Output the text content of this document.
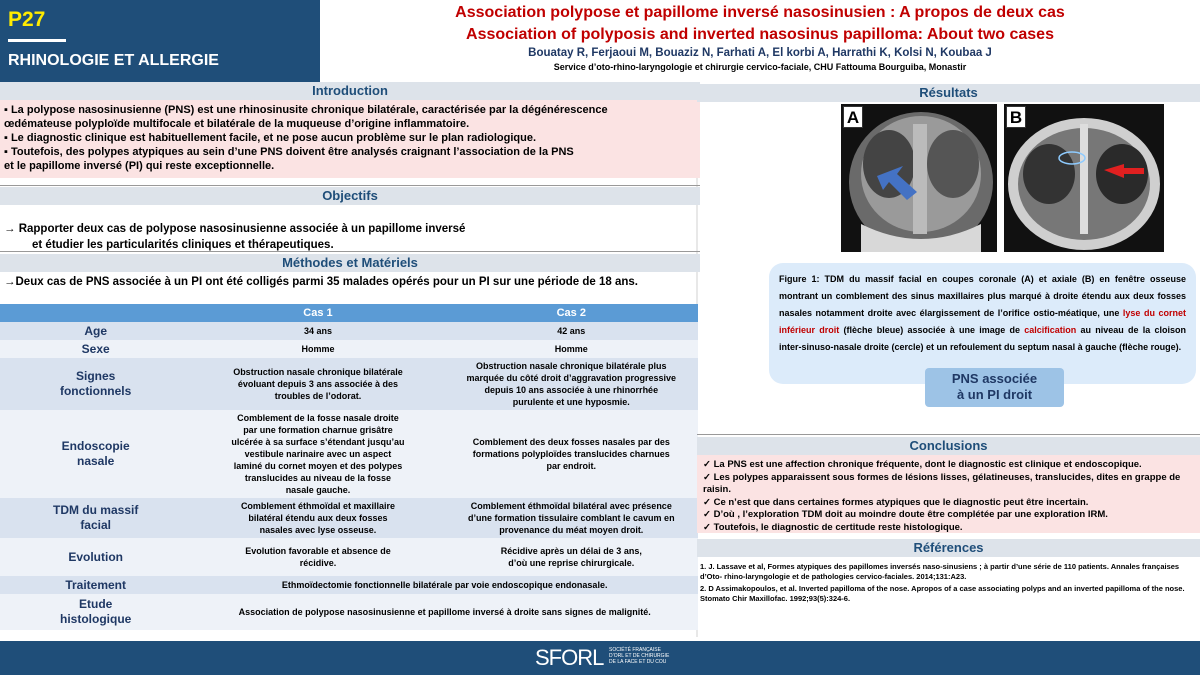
P27
RHINOLOGIE ET ALLERGIE
Association polypose et papillome inversé nasosinusien : A propos de deux cas
Association of polyposis and inverted nasosinus papilloma: About two cases
Bouatay R, Ferjaoui M, Bouaziz N, Farhati A, El korbi A, Harrathi K, Kolsi N, Koubaa J
Service d’oto-rhino-laryngologie et chirurgie cervico-faciale, CHU Fattouma Bourguiba, Monastir
Introduction
▪ La polypose nasosinusienne (PNS) est une rhinosinusite chronique bilatérale, caractérisée par la dégénérescence
œdémateuse polyploïde multifocale et bilatérale de la muqueuse d’origine inflammatoire.
▪ Le diagnostic clinique est habituellement facile, et ne pose aucun problème sur le plan radiologique.
▪ Toutefois, des polypes atypiques au sein d’une PNS doivent être analysés craignant l’association de la PNS
et le papillome inversé (PI) qui reste exceptionnelle.
Objectifs
→ Rapporter deux cas de polypose nasosinusienne associée à un papillome inversé
et étudier les particularités cliniques et thérapeutiques.
Méthodes et Matériels
→Deux cas de PNS associée à un PI ont été colligés parmi 35 malades opérés pour un PI sur une période de 18 ans.
	Cas 1	Cas 2
Age	34 ans	42 ans
Sexe	Homme	Homme
Signes fonctionnels	Obstruction nasale chronique bilatérale évoluant depuis 3 ans associée à des troubles de l’odorat.	Obstruction nasale chronique bilatérale plus marquée du côté droit d’aggravation progressive depuis 10 ans associée à une rhinorrhée purulente et une hyposmie.
Endoscopie nasale	Comblement de la fosse nasale droite par une formation charnue grisâtre ulcérée à sa surface s’étendant jusqu’au vestibule narinaire avec un aspect laminé du cornet moyen et des polypes translucides au niveau de la fosse nasale gauche.	Comblement des deux fosses nasales par des formations polyploïdes translucides charnues par endroit.
TDM du massif facial	Comblement éthmoïdal et maxillaire bilatéral étendu aux deux fosses nasales avec lyse osseuse.	Comblement éthmoïdal bilatéral avec présence d’une formation tissulaire comblant le cavum en provenance du méat moyen droit.
Evolution	Evolution favorable et absence de récidive.	Récidive après un délai de 3 ans, d’où une reprise chirurgicale.
Traitement	Ethmoïdectomie fonctionnelle bilatérale par voie endoscopique endonasale.	
Etude histologique	Association de polypose nasosinusienne et papillome inversé à droite sans signes de malignité.	
Résultats
A	B
Figure 1: TDM du massif facial en coupes coronale (A) et axiale (B) en fenêtre osseuse montrant un comblement des sinus maxillaires plus marqué à droite étendu aux deux fosses nasales notamment droite avec élargissement de l’orifice ostio-méatique, une lyse du cornet inférieur droit (flèche bleue) associée à une image de calcification au niveau de la cloison inter-sinuso-nasale droite (cercle) et un refoulement du septum nasal à gauche (flèche rouge).
PNS associée
à un PI droit
Conclusions
✓ La PNS est une affection chronique fréquente, dont le diagnostic est clinique et endoscopique.
✓ Les polypes apparaissent sous formes de lésions lisses, gélatineuses, translucides, dites en grappe de raisin.
✓ Ce n’est que dans certaines formes atypiques que le diagnostic peut être incertain.
✓ D’où , l’exploration TDM doit au moindre doute être complétée par une exploration IRM.
✓ Toutefois, le diagnostic de certitude reste histologique.
Références
1. J. Lassave et al, Formes atypiques des papillomes inversés naso-sinusiens ; à partir d’une série de 110 patients. Annales françaises d’Oto- rhino-laryngologie et de pathologies cervico-faciales. 2014;131:A23.
2. D Assimakopoulos, et al. Inverted papilloma of the nose. Apropos of a case associating polyps and an inverted papilloma of the nose. Stomato Chir Maxillofac. 1992;93(5):324-6.
SFORL SOCIÉTÉ FRANÇAISE
D’ORL ET DE CHIRURGIE
DE LA FACE ET DU COU
